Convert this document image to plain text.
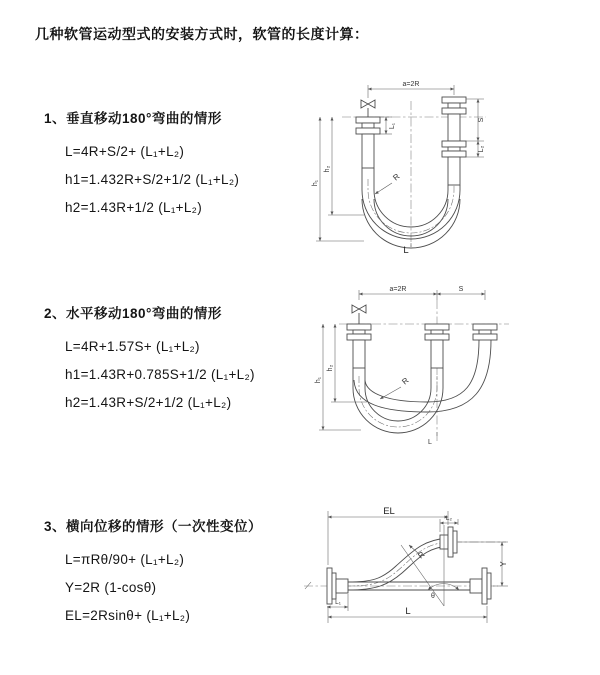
几种软管运动型式的安装方式时，软管的长度计算：
1、垂直移动180°弯曲的情形
L=4R+S/2+ (L₁+L₂)
h1=1.432R+S/2+1/2 (L₁+L₂)
h2=1.43R+1/2 (L₁+L₂)
a=2R
h₁
h₂
L₁
S
L₂
R
L
2、水平移动180°弯曲的情形
L=4R+1.57S+ (L₁+L₂)
h1=1.43R+0.785S+1/2 (L₁+L₂)
h2=1.43R+S/2+1/2 (L₁+L₂)
a=2R	S
h₁
h₂
R
L
3、横向位移的情形（一次性变位）
L=πRθ/90+ (L₁+L₂)
Y=2R (1-cosθ)
EL=2Rsinθ+ (L₁+L₂)
EL
L₂
Y
R
θ
L
L₁
